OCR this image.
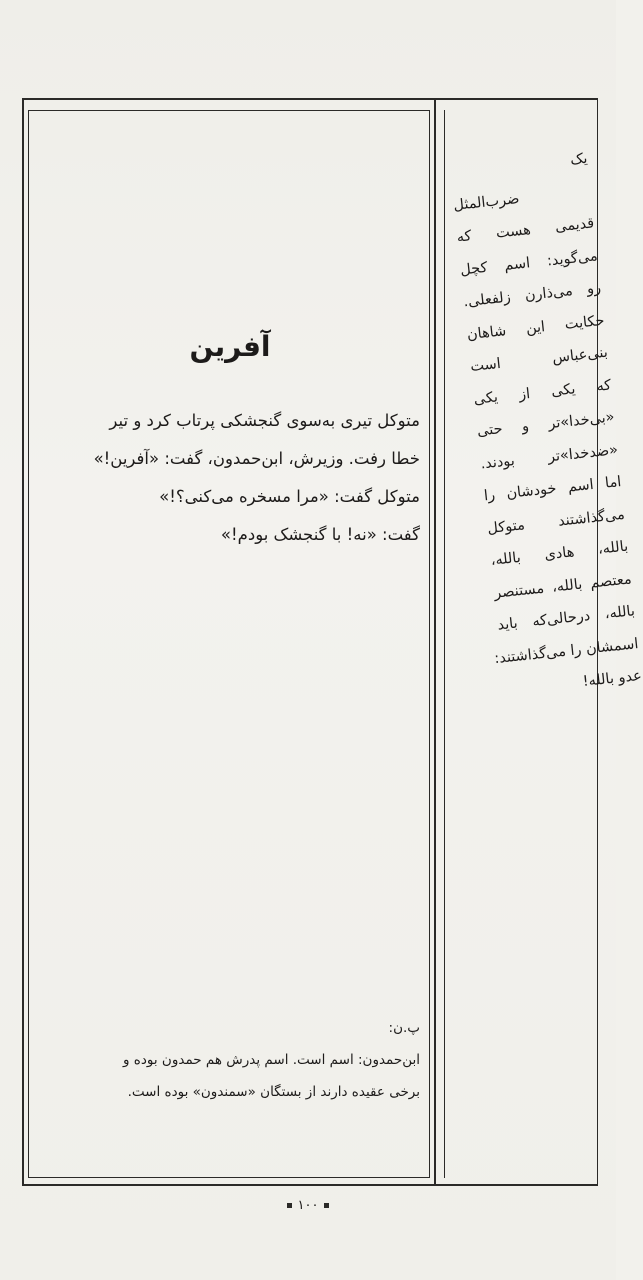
آفرین

متوکل تیری به‌سوی گنجشکی پرتاب کرد و تیر

خطا رفت. وزیرش، ابن‌حمدون، گفت: «آفرین!»

متوکل گفت: «مرا مسخره می‌کنی؟!»

گفت: «نه! با گنجشک بودم!»

پ.ن:

ابن‌حمدون: اسم است. اسم پدرش هم حمدون بوده و

برخی عقیده دارند از بستگان «سمندون» بوده است.

یک

ضرب‌المثل

قدیمی هست که

می‌گوید: اسم کچل

رو می‌ذارن زلفعلی.

حکایت این شاهان

بنی‌عباس است

که یکی از یکی

«بی‌خدا»تر و حتی

«ضدخدا»تر بودند.

اما اسم خودشان را

می‌گذاشتند متوکل

بالله، هادی بالله،

معتصم بالله، مستنصر

بالله، درحالی‌که باید

اسمشان را می‌گذاشتند:

عدو بالله!

۱۰۰
